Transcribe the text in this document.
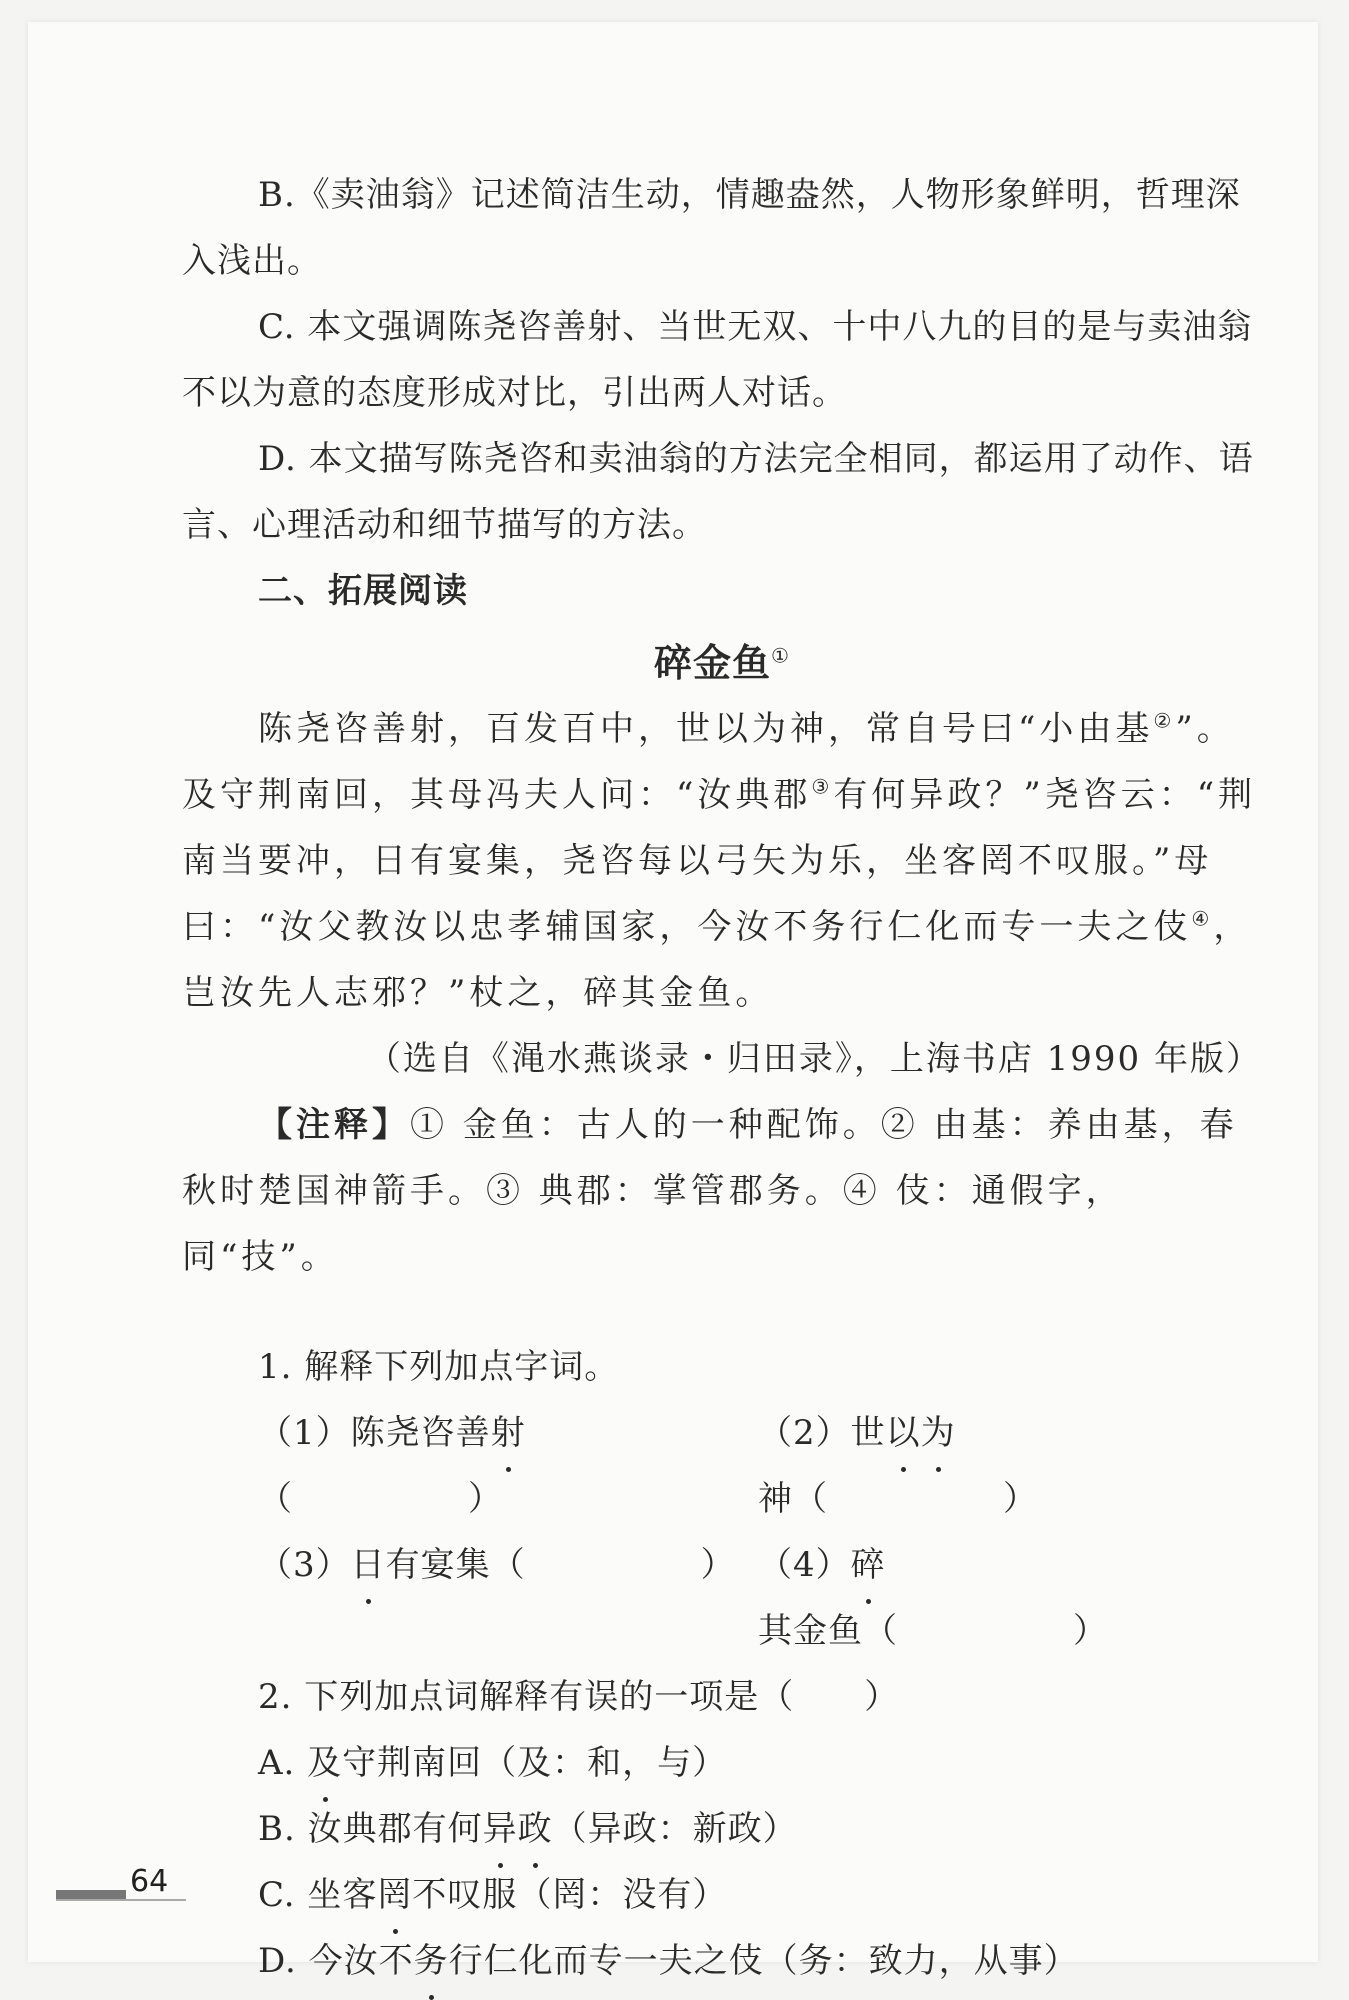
B.《卖油翁》记述简洁生动，情趣盎然，人物形象鲜明，哲理深入浅出。

C. 本文强调陈尧咨善射、当世无双、十中八九的目的是与卖油翁不以为意的态度形成对比，引出两人对话。

D. 本文描写陈尧咨和卖油翁的方法完全相同，都运用了动作、语言、心理活动和细节描写的方法。

二、拓展阅读

碎金鱼①

陈尧咨善射，百发百中，世以为神，常自号曰“小由基②”。及守荆南回，其母冯夫人问：“汝典郡③有何异政？”尧咨云：“荆南当要冲，日有宴集，尧咨每以弓矢为乐，坐客罔不叹服。”母曰：“汝父教汝以忠孝辅国家，今汝不务行仁化而专一夫之伎④，岂汝先人志邪？”杖之，碎其金鱼。

（选自《渑水燕谈录・归田录》，上海书店 1990 年版）

【注释】① 金鱼：古人的一种配饰。② 由基：养由基，春秋时楚国神箭手。③ 典郡：掌管郡务。④ 伎：通假字，同“技”。

1. 解释下列加点字词。

（1）陈尧咨善射（　　　　　）
（2）世以为神（　　　　　）
（3）日有宴集（　　　　　） （4）碎其金鱼（　　　　　）

2. 下列加点词解释有误的一项是（　　）

A. 及守荆南回（及：和，与）

B. 汝典郡有何异政（异政：新政）

C. 坐客罔不叹服（罔：没有）

D. 今汝不务行仁化而专一夫之伎（务：致力，从事）

64
